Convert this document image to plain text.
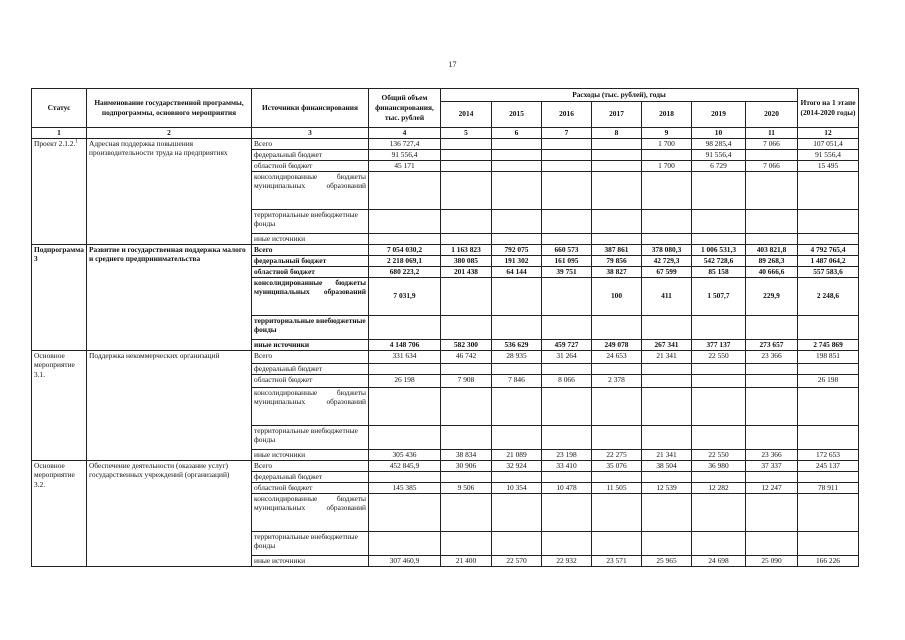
17
Статус	Наименование государственной программы, подпрограммы, основного мероприятия	Источники финансирования	Общий объем финансирования, тыс. рублей	Расходы (тыс. рублей), годы							Итого на 1 этапе (2014-2020 годы)
				2014	2015	2016	2017	2018	2019	2020	
1	2	3	4	5	6	7	8	9	10	11	12
Проект 2.1.2.$^1$	Адресная поддержка повышения производительности труда на предприятиях	Всего	136 727,4					1 700	98 285,4	7 066	107 051,4
		федеральный бюджет	91 556,4						91 556,4		91 556,4
		областной бюджет	45 171					1 700	6 729	7 066	15 495
		консолидированные бюджеты муниципальных образований									
		территориальные внебюджетные фонды									
		иные источники									
Подпрограмма 3	Развитие и государственная поддержка малого и среднего предпринимательства	Всего	7 054 030,2	1 163 823	792 075	660 573	387 861	378 080,3	1 006 531,3	403 821,8	4 792 765,4
		федеральный бюджет	2 218 069,1	380 085	191 302	161 095	79 856	42 729,3	542 728,6	89 268,3	1 487 064,2
		областной бюджет	680 223,2	201 438	64 144	39 751	38 827	67 599	85 158	40 666,6	557 583,6
		консолидированные бюджеты муниципальных образований	7 031,9				100	411	1 507,7	229,9	2 248,6
		территориальные внебюджетные фонды									
		иные источники	4 148 706	582 300	536 629	459 727	249 078	267 341	377 137	273 657	2 745 869
Основное мероприятие 3.1.	Поддержка некоммерческих организаций	Всего	331 634	46 742	28 935	31 264	24 653	21 341	22 550	23 366	198 851
		федеральный бюджет									
		областной бюджет	26 198	7 908	7 846	8 066	2 378				26 198
		консолидированные бюджеты муниципальных образований									
		территориальные внебюджетные фонды									
		иные источники	305 436	38 834	21 089	23 198	22 275	21 341	22 550	23 366	172 653
Основное мероприятие 3.2.	Обеспечение деятельности (оказание услуг) государственных учреждений (организаций)	Всего	452 845,9	30 906	32 924	33 410	35 076	38 504	36 980	37 337	245 137
		федеральный бюджет									
		областной бюджет	145 385	9 506	10 354	10 478	11 505	12 539	12 282	12 247	78 911
		консолидированные бюджеты муниципальных образований									
		территориальные внебюджетные фонды									
		иные источники	307 460,9	21 400	22 570	22 932	23 571	25 965	24 698	25 090	166 226
